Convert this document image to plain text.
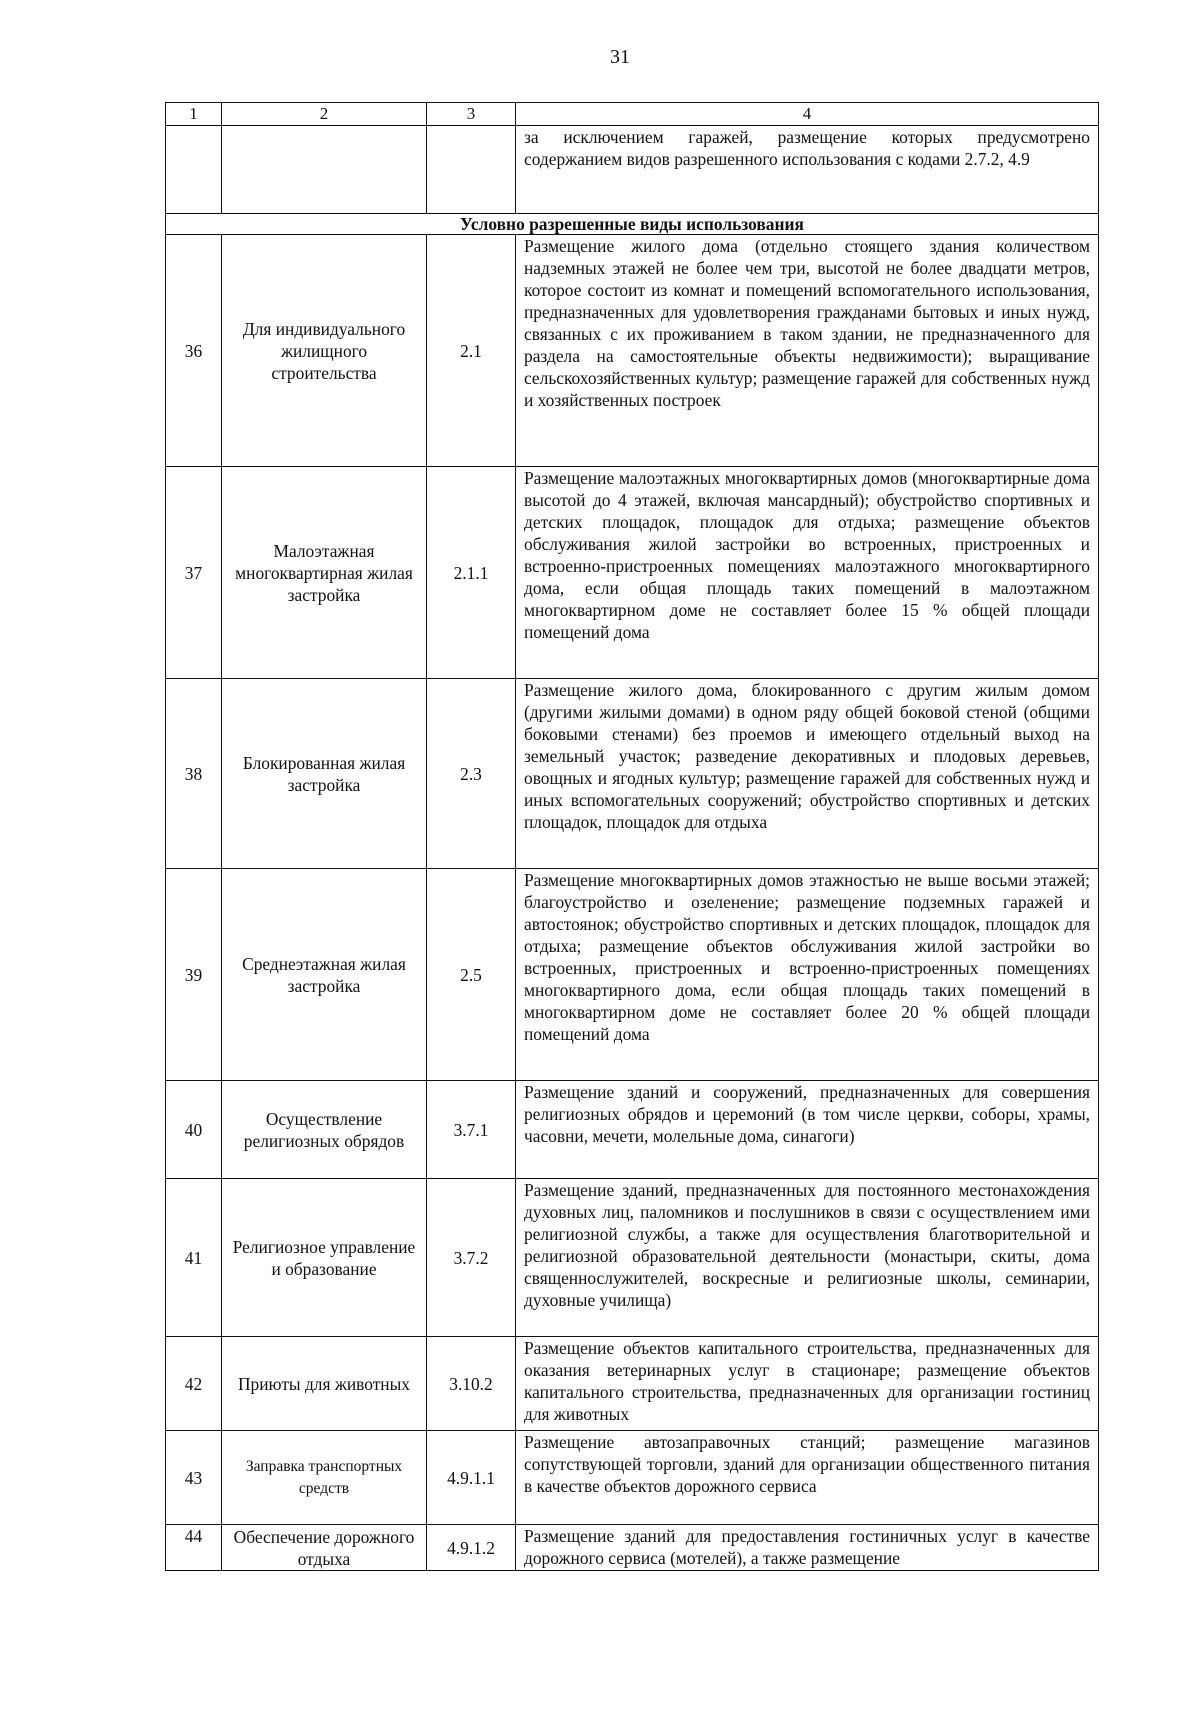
31
1	2	3	4
			за исключением гаражей, размещение которых предусмотрено содержанием видов разрешенного использования с кодами 2.7.2, 4.9
Условно разрешенные виды использования			
36	Для индивидуального жилищного строительства	2.1	Размещение жилого дома (отдельно стоящего здания количеством надземных этажей не более чем три, высотой не более двадцати метров, которое состоит из комнат и помещений вспомогательного использования, предназначенных для удовлетворения гражданами бытовых и иных нужд, связанных с их проживанием в таком здании, не предназначенного для раздела на самостоятельные объекты недвижимости); выращивание сельскохозяйственных культур; размещение гаражей для собственных нужд и хозяйственных построек
37	Малоэтажная многоквартирная жилая застройка	2.1.1	Размещение малоэтажных многоквартирных домов (многоквартирные дома высотой до 4 этажей, включая мансардный); обустройство спортивных и детских площадок, площадок для отдыха; размещение объектов обслуживания жилой застройки во встроенных, пристроенных и встроенно-пристроенных помещениях малоэтажного многоквартирного дома, если общая площадь таких помещений в малоэтажном многоквартирном доме не составляет более 15 % общей площади помещений дома
38	Блокированная жилая застройка	2.3	Размещение жилого дома, блокированного с другим жилым домом (другими жилыми домами) в одном ряду общей боковой стеной (общими боковыми стенами) без проемов и имеющего отдельный выход на земельный участок; разведение декоративных и плодовых деревьев, овощных и ягодных культур; размещение гаражей для собственных нужд и иных вспомогательных сооружений; обустройство спортивных и детских площадок, площадок для отдыха
39	Среднеэтажная жилая застройка	2.5	Размещение многоквартирных домов этажностью не выше восьми этажей; благоустройство и озеленение; размещение подземных гаражей и автостоянок; обустройство спортивных и детских площадок, площадок для отдыха; размещение объектов обслуживания жилой застройки во встроенных, пристроенных и встроенно-пристроенных помещениях многоквартирного дома, если общая площадь таких помещений в многоквартирном доме не составляет более 20 % общей площади помещений дома
40	Осуществление религиозных обрядов	3.7.1	Размещение зданий и сооружений, предназначенных для совершения религиозных обрядов и церемоний (в том числе церкви, соборы, храмы, часовни, мечети, молельные дома, синагоги)
41	Религиозное управление и образование	3.7.2	Размещение зданий, предназначенных для постоянного местонахождения духовных лиц, паломников и послушников в связи с осуществлением ими религиозной службы, а также для осуществления благотворительной и религиозной образовательной деятельности (монастыри, скиты, дома священнослужителей, воскресные и религиозные школы, семинарии, духовные училища)
42	Приюты для животных	3.10.2	Размещение объектов капитального строительства, предназначенных для оказания ветеринарных услуг в стационаре; размещение объектов капитального строительства, предназначенных для организации гостиниц для животных
43	Заправка транспортных средств	4.9.1.1	Размещение автозаправочных станций; размещение магазинов сопутствующей торговли, зданий для организации общественного питания в качестве объектов дорожного сервиса
44	Обеспечение дорожного отдыха	4.9.1.2	Размещение зданий для предоставления гостиничных услуг в качестве дорожного сервиса (мотелей), а также размещение
